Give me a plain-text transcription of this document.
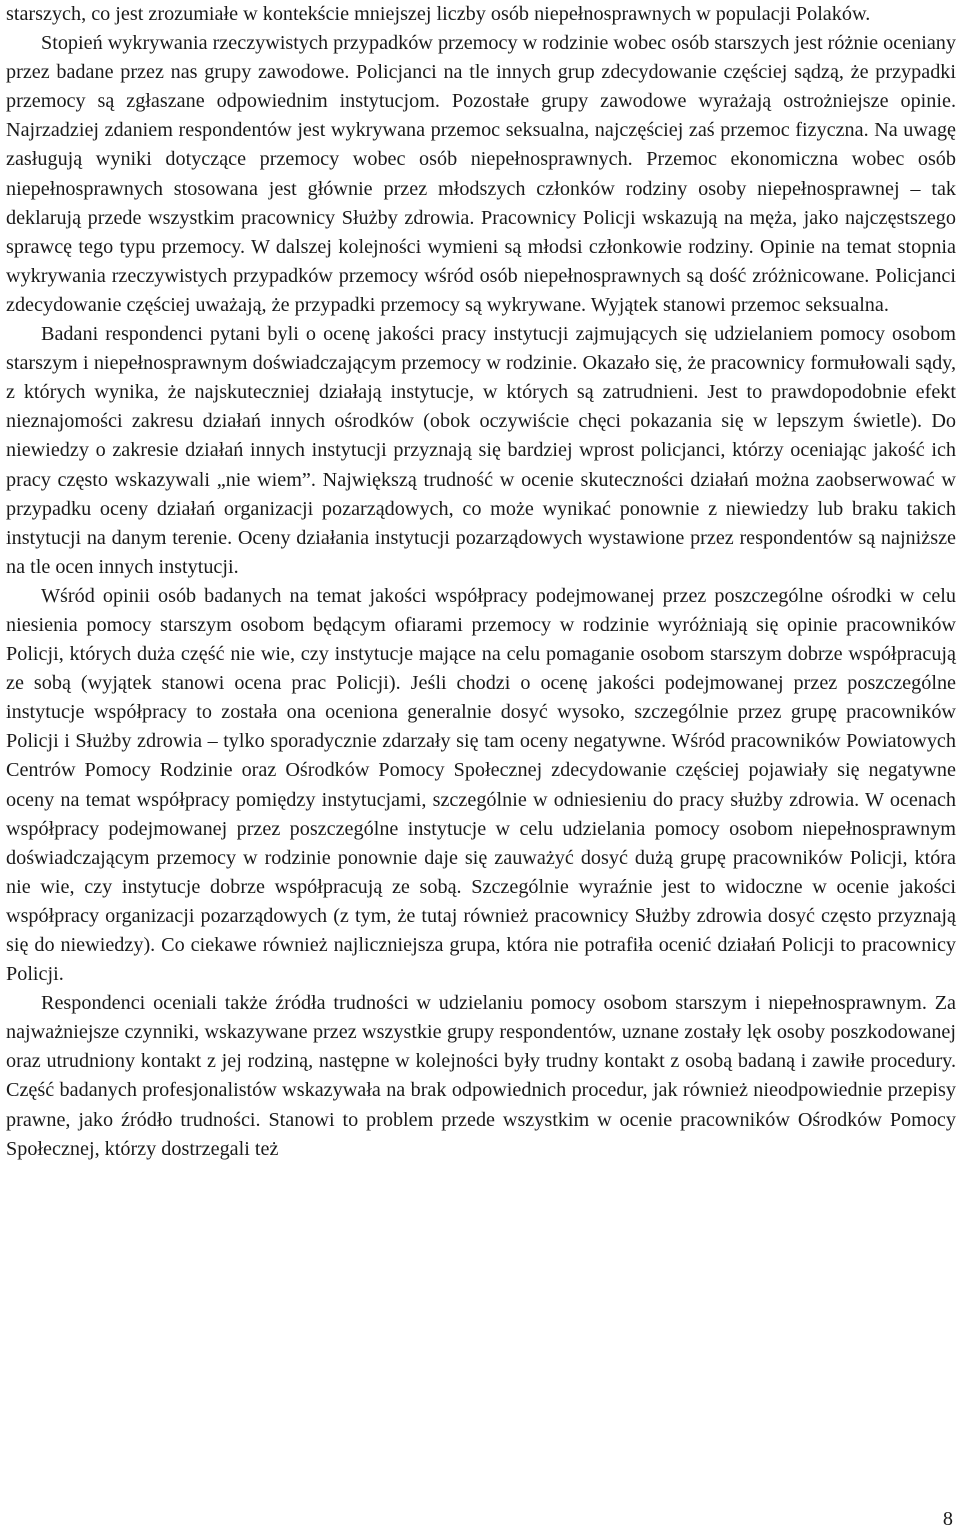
starszych, co jest zrozumiałe w kontekście mniejszej liczby osób niepełnosprawnych w populacji Polaków.

Stopień wykrywania rzeczywistych przypadków przemocy w rodzinie wobec osób starszych jest różnie oceniany przez badane przez nas grupy zawodowe. Policjanci na tle innych grup zdecydowanie częściej sądzą, że przypadki przemocy są zgłaszane odpowiednim instytucjom. Pozostałe grupy zawodowe wyrażają ostrożniejsze opinie. Najrzadziej zdaniem respondentów jest wykrywana przemoc seksualna, najczęściej zaś przemoc fizyczna. Na uwagę zasługują wyniki dotyczące przemocy wobec osób niepełnosprawnych. Przemoc ekonomiczna wobec osób niepełnosprawnych stosowana jest głównie przez młodszych członków rodziny osoby niepełnosprawnej – tak deklarują przede wszystkim pracownicy Służby zdrowia. Pracownicy Policji wskazują na męża, jako najczęstszego sprawcę tego typu przemocy. W dalszej kolejności wymieni są młodsi członkowie rodziny. Opinie na temat stopnia wykrywania rzeczywistych przypadków przemocy wśród osób niepełnosprawnych są dość zróżnicowane. Policjanci zdecydowanie częściej uważają, że przypadki przemocy są wykrywane. Wyjątek stanowi przemoc seksualna.

Badani respondenci pytani byli o ocenę jakości pracy instytucji zajmujących się udzielaniem pomocy osobom starszym i niepełnosprawnym doświadczającym przemocy w rodzinie. Okazało się, że pracownicy formułowali sądy, z których wynika, że najskuteczniej działają instytucje, w których są zatrudnieni. Jest to prawdopodobnie efekt nieznajomości zakresu działań innych ośrodków (obok oczywiście chęci pokazania się w lepszym świetle). Do niewiedzy o zakresie działań innych instytucji przyznają się bardziej wprost policjanci, którzy oceniając jakość ich pracy często wskazywali „nie wiem”. Największą trudność w ocenie skuteczności działań można zaobserwować w przypadku oceny działań organizacji pozarządowych, co może wynikać ponownie z niewiedzy lub braku takich instytucji na danym terenie. Oceny działania instytucji pozarządowych wystawione przez respondentów są najniższe na tle ocen innych instytucji.

Wśród opinii osób badanych na temat jakości współpracy podejmowanej przez poszczególne ośrodki w celu niesienia pomocy starszym osobom będącym ofiarami przemocy w rodzinie wyróżniają się opinie pracowników Policji, których duża część nie wie, czy instytucje mające na celu pomaganie osobom starszym dobrze współpracują ze sobą (wyjątek stanowi ocena prac Policji). Jeśli chodzi o ocenę jakości podejmowanej przez poszczególne instytucje współpracy to została ona oceniona generalnie dosyć wysoko, szczególnie przez grupę pracowników Policji i Służby zdrowia – tylko sporadycznie zdarzały się tam oceny negatywne. Wśród pracowników Powiatowych Centrów Pomocy Rodzinie oraz Ośrodków Pomocy Społecznej zdecydowanie częściej pojawiały się negatywne oceny na temat współpracy pomiędzy instytucjami, szczególnie w odniesieniu do pracy służby zdrowia. W ocenach współpracy podejmowanej przez poszczególne instytucje w celu udzielania pomocy osobom niepełnosprawnym doświadczającym przemocy w rodzinie ponownie daje się zauważyć dosyć dużą grupę pracowników Policji, która nie wie, czy instytucje dobrze współpracują ze sobą. Szczególnie wyraźnie jest to widoczne w ocenie jakości współpracy organizacji pozarządowych (z tym, że tutaj również pracownicy Służby zdrowia dosyć często przyznają się do niewiedzy). Co ciekawe również najliczniejsza grupa, która nie potrafiła ocenić działań Policji to pracownicy Policji.

Respondenci oceniali także źródła trudności w udzielaniu pomocy osobom starszym i niepełnosprawnym. Za najważniejsze czynniki, wskazywane przez wszystkie grupy respondentów, uznane zostały lęk osoby poszkodowanej oraz utrudniony kontakt z jej rodziną, następne w kolejności były trudny kontakt z osobą badaną i zawiłe procedury. Część badanych profesjonalistów wskazywała na brak odpowiednich procedur, jak również nieodpowiednie przepisy prawne, jako źródło trudności. Stanowi to problem przede wszystkim w ocenie pracowników Ośrodków Pomocy Społecznej, którzy dostrzegali też

8
